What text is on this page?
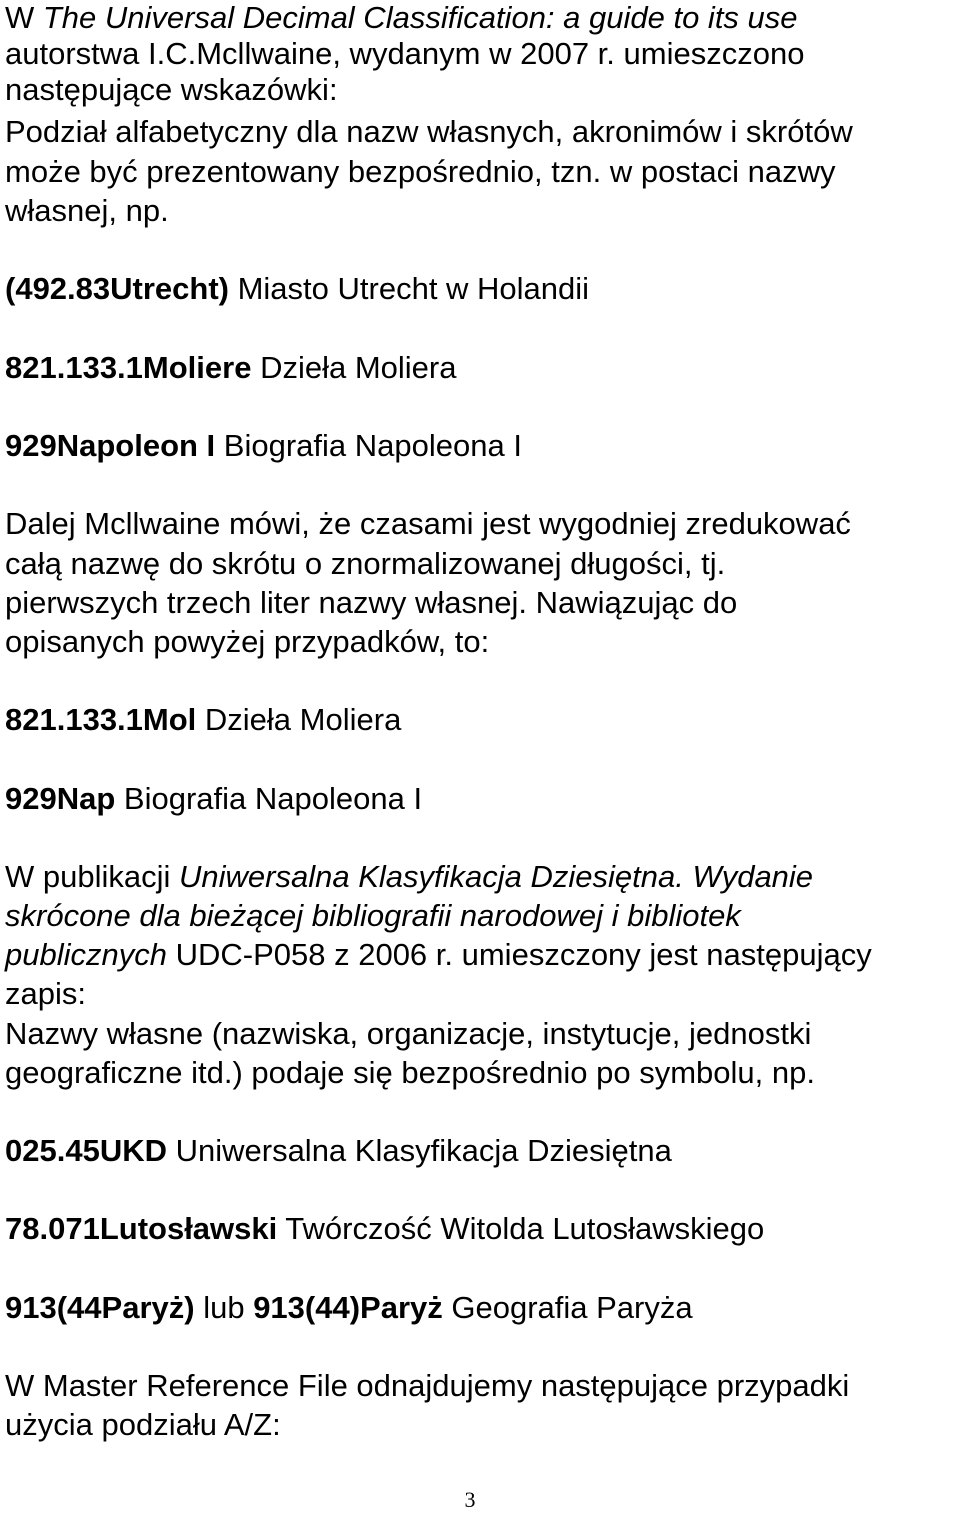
W The Universal Decimal Classification: a guide to its use
autorstwa I.C.Mcllwaine, wydanym w 2007 r. umieszczono
następujące wskazówki:
Podział alfabetyczny dla nazw własnych, akronimów i skrótów
może być prezentowany bezpośrednio, tzn. w postaci nazwy
własnej, np.
(492.83Utrecht) Miasto Utrecht w Holandii
821.133.1Moliere Dzieła Moliera
929Napoleon I Biografia Napoleona I
Dalej Mcllwaine mówi, że czasami jest wygodniej zredukować
całą nazwę do skrótu o znormalizowanej długości, tj.
pierwszych trzech liter nazwy własnej. Nawiązując do
opisanych powyżej przypadków, to:
821.133.1Mol Dzieła Moliera
929Nap Biografia Napoleona I
W publikacji Uniwersalna Klasyfikacja Dziesiętna. Wydanie
skrócone dla bieżącej bibliografii narodowej i bibliotek
publicznych UDC-P058 z 2006 r. umieszczony jest następujący
zapis:
Nazwy własne (nazwiska, organizacje, instytucje, jednostki
geograficzne itd.) podaje się bezpośrednio po symbolu, np.
025.45UKD Uniwersalna Klasyfikacja Dziesiętna
78.071Lutosławski Twórczość Witolda Lutosławskiego
913(44Paryż) lub 913(44)Paryż Geografia Paryża
W Master Reference File odnajdujemy następujące przypadki
użycia podziału A/Z:
3
